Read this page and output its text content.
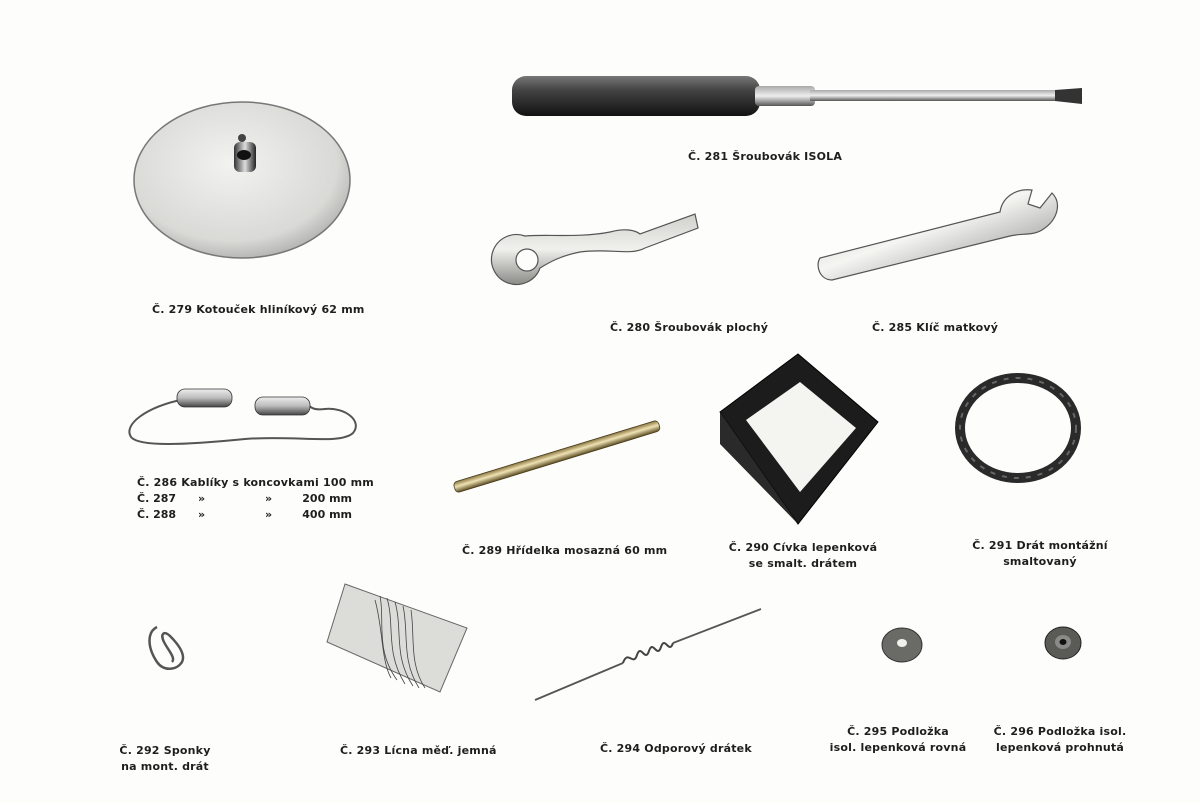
Č. 279 Kotouček hliníkový 62 mm
Č. 281 Šroubovák ISOLA
Č. 280 Šroubovák plochý	Č. 285 Klíč matkový
Č. 286 Kablíky s koncovkami 100 mm
Č. 287 »	»	200 mm
Č. 288 »	»	400 mm
Č. 289 Hřídelka mosazná 60 mm	Č. 290 Cívka lepenková
se smalt. drátem
Č. 291 Drát montážní
smaltovaný
Č. 292 Sponky
na mont. drát
Č. 293 Lícna měď. jemná	Č. 294 Odporový drátek
Č. 295 Podložka
isol. lepenková rovná
Č. 296 Podložka isol.
lepenková prohnutá
